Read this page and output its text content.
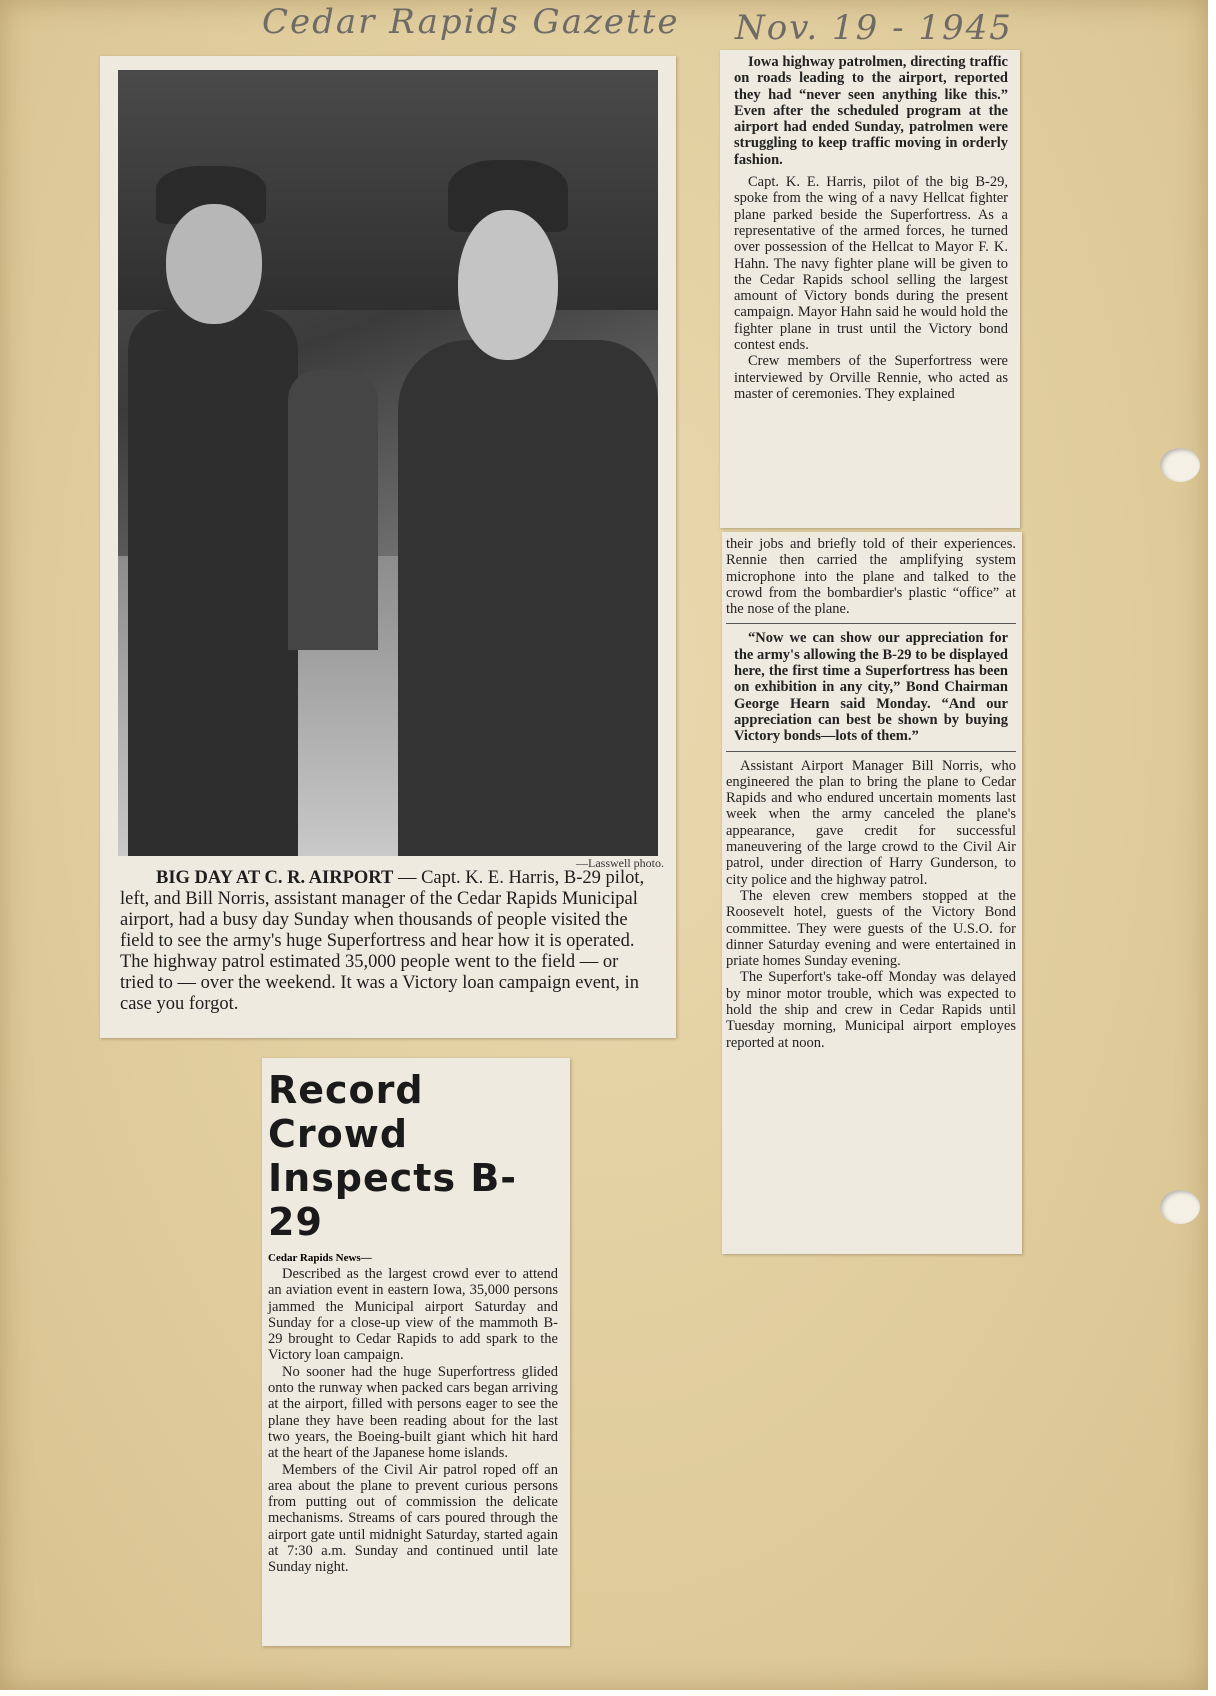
Cedar Rapids Gazette Nov. 19 - 1945
—Lasswell photo.
BIG DAY AT C. R. AIRPORT — Capt. K. E. Harris, B-29 pilot, left, and Bill Norris, assistant manager of the Cedar Rapids Municipal airport, had a busy day Sunday when thousands of people visited the field to see the army's huge Superfortress and hear how it is operated. The highway patrol estimated 35,000 people went to the field — or tried to — over the weekend. It was a Victory loan campaign event, in case you forgot.

Iowa highway patrolmen, directing traffic on roads leading to the airport, reported they had “never seen anything like this.” Even after the scheduled program at the airport had ended Sunday, patrolmen were struggling to keep traffic moving in orderly fashion.

Capt. K. E. Harris, pilot of the big B-29, spoke from the wing of a navy Hellcat fighter plane parked beside the Superfortress. As a representative of the armed forces, he turned over possession of the Hellcat to Mayor F. K. Hahn. The navy fighter plane will be given to the Cedar Rapids school selling the largest amount of Victory bonds during the present campaign. Mayor Hahn said he would hold the fighter plane in trust until the Victory bond contest ends.

Crew members of the Superfortress were interviewed by Orville Rennie, who acted as master of ceremonies. They explained

their jobs and briefly told of their experiences. Rennie then carried the amplifying system microphone into the plane and talked to the crowd from the bombardier's plastic “office” at the nose of the plane.

“Now we can show our appreciation for the army's allowing the B-29 to be displayed here, the first time a Superfortress has been on exhibition in any city,” Bond Chairman George Hearn said Monday. “And our appreciation can best be shown by buying Victory bonds—lots of them.”

Assistant Airport Manager Bill Norris, who engineered the plan to bring the plane to Cedar Rapids and who endured uncertain moments last week when the army canceled the plane's appearance, gave credit for successful maneuvering of the large crowd to the Civil Air patrol, under direction of Harry Gunderson, to city police and the highway patrol.

The eleven crew members stopped at the Roosevelt hotel, guests of the Victory Bond committee. They were guests of the U.S.O. for dinner Saturday evening and were entertained in priate homes Sunday evening.

The Superfort's take-off Monday was delayed by minor motor trouble, which was expected to hold the ship and crew in Cedar Rapids until Tuesday morning, Municipal airport employes reported at noon.

Record Crowd
Inspects B-29
Cedar Rapids News—

Described as the largest crowd ever to attend an aviation event in eastern Iowa, 35,000 persons jammed the Municipal airport Saturday and Sunday for a close-up view of the mammoth B-29 brought to Cedar Rapids to add spark to the Victory loan campaign.

No sooner had the huge Superfortress glided onto the runway when packed cars began arriving at the airport, filled with persons eager to see the plane they have been reading about for the last two years, the Boeing-built giant which hit hard at the heart of the Japanese home islands.

Members of the Civil Air patrol roped off an area about the plane to prevent curious persons from putting out of commission the delicate mechanisms. Streams of cars poured through the airport gate until midnight Saturday, started again at 7:30 a.m. Sunday and continued until late Sunday night.
